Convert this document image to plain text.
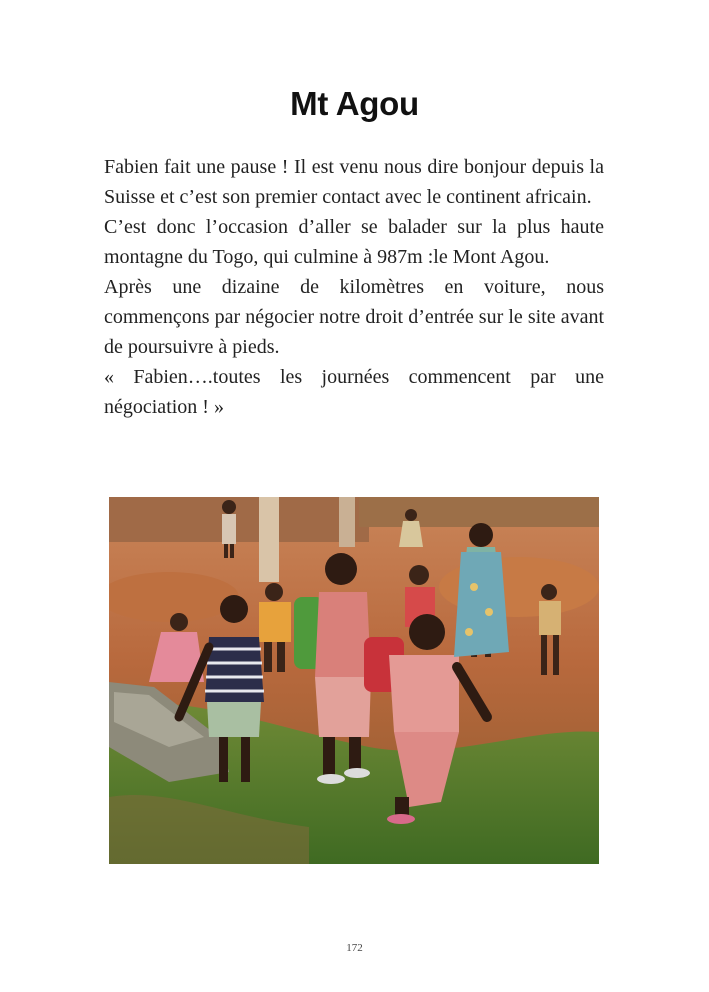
Mt Agou

Fabien fait une pause ! Il est venu nous dire bonjour depuis la Suisse et c’est son premier contact avec le continent africain.

C’est donc l’occasion d’aller se balader sur la plus haute montagne du Togo, qui culmine à 987m :le Mont Agou.

Après une dizaine de kilomètres en voiture, nous commençons par négocier notre droit d’entrée sur le site avant de poursuivre à pieds.

« Fabien….toutes les journées commencent par une négociation ! »

172
